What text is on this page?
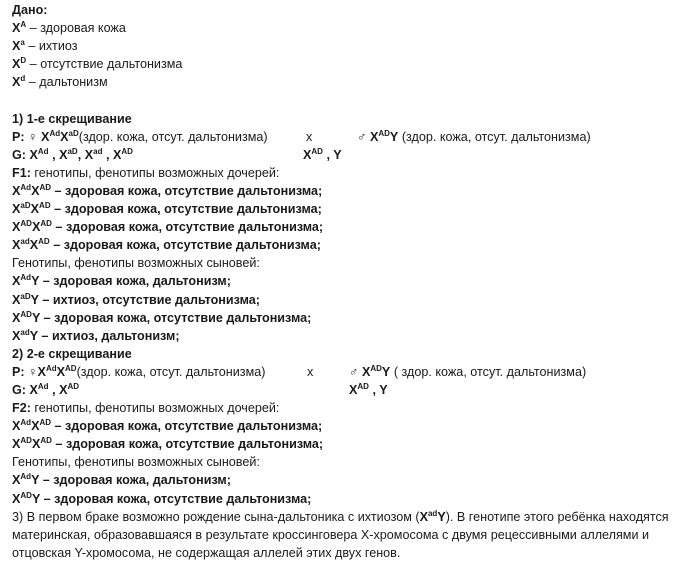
Дано:
$X^A$ – здоровая кожа
$X^a$ – ихтиоз
$X^D$ – отсутствие дальтонизма
$X^d$ – дальтонизм
1) 1-е скрещивание
P: ♀ $X^{Ad}X^{aD}(здор$. кожа, отсут. дальтонизма)	x	♂ $X^{AD}Y$ (здор. кожа, отсут. дальтонизма)
G: $X^{Ad}$ , $X^{aD}$, $X^{ad}$ , $X^{AD}$	$X^{AD}$ , Y
F1: генотипы, фенотипы возможных дочерей:
$X^{Ad}X^{AD}$ – здоровая кожа, отсутствие дальтонизма;
$X^{aD}X^{AD}$ – здоровая кожа, отсутствие дальтонизма;
$X^{AD}X^{AD}$ – здоровая кожа, отсутствие дальтонизма;
$X^{ad}X^{AD}$ – здоровая кожа, отсутствие дальтонизма;
Генотипы, фенотипы возможных сыновей:
$X^{Ad}Y$ – здоровая кожа, дальтонизм;
$X^{aD}Y$ – ихтиоз, отсутствие дальтонизма;
$X^{AD}Y$ – здоровая кожа, отсутствие дальтонизма;
$X^{ad}Y$ – ихтиоз, дальтонизм;
2) 2-е скрещивание
P: $♀X^{Ad}X^{AD}(здор$. кожа, отсут. дальтонизма)	x	♂ $X^{AD}Y$ ( здор. кожа, отсут. дальтонизма)
G: $X^{Ad}$ , $X^{AD}$	$X^{AD}$ , Y
F2: генотипы, фенотипы возможных дочерей:
$X^{Ad}X^{AD}$ – здоровая кожа, отсутствие дальтонизма;
$X^{AD}X^{AD}$ – здоровая кожа, отсутствие дальтонизма;
Генотипы, фенотипы возможных сыновей:
$X^{Ad}Y$ – здоровая кожа, дальтонизм;
$X^{AD}Y$ – здоровая кожа, отсутствие дальтонизма;
3) В первом браке возможно рождение сына-дальтоника с ихтиозом $(X^{ad}Y)$. В генотипе этого ребёнка находятся материнская, образовавшаяся в результате кроссинговера Х-хромосома с двумя рецессивными аллелями и отцовская Y-хромосома, не содержащая аллелей этих двух генов.
